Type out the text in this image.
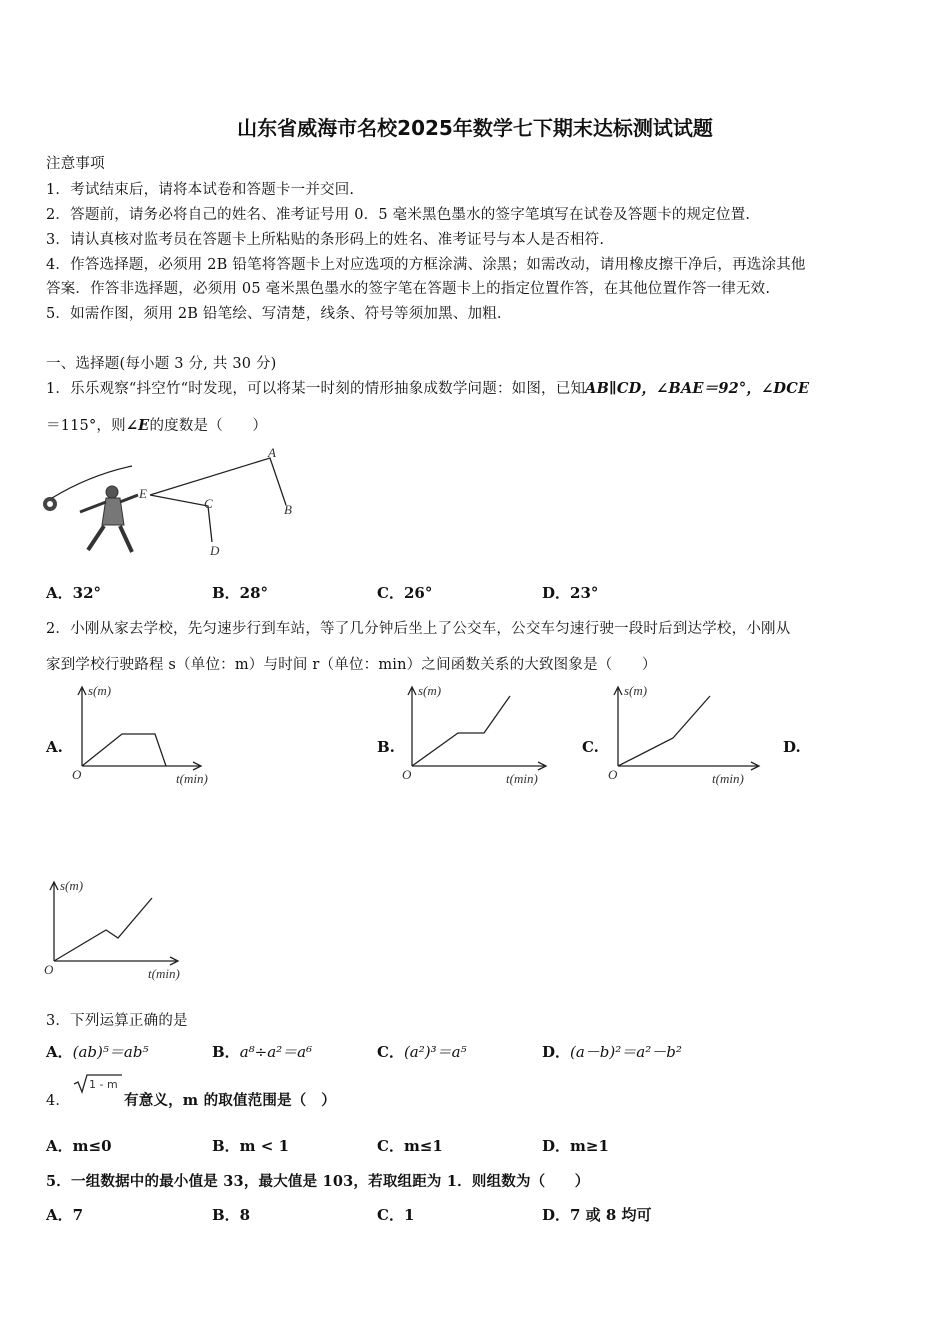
山东省威海市名校2025年数学七下期末达标测试试题
注意事项
1．考试结束后，请将本试卷和答题卡一并交回.
2．答题前，请务必将自己的姓名、准考证号用 0．5 毫米黑色墨水的签字笔填写在试卷及答题卡的规定位置.
3．请认真核对监考员在答题卡上所粘贴的条形码上的姓名、准考证号与本人是否相符.
4．作答选择题，必须用 2B 铅笔将答题卡上对应选项的方框涂满、涂黑；如需改动，请用橡皮擦干净后，再选涂其他
答案．作答非选择题，必须用 05 毫米黑色墨水的签字笔在答题卡上的指定位置作答，在其他位置作答一律无效.
5．如需作图，须用 2B 铅笔绘、写清楚，线条、符号等须加黑、加粗.
一、选择题(每小题 3 分, 共 30 分)
1．乐乐观察“抖空竹“时发现，可以将某一时刻的情形抽象成数学问题：如图，已知AB∥CD，∠BAE＝92°，∠DCE
＝115°，则∠E的度数是（　　）
A
B
E
C
D
A．32°	B．28°	C．26°	D．23°
2．小刚从家去学校，先匀速步行到车站，等了几分钟后坐上了公交车，公交车匀速行驶一段时后到达学校，小刚从
家到学校行驶路程 s（单位：m）与时间 r（单位：min）之间函数关系的大致图象是（　　）
A.	B.	C.	D.
s(m)
t(min)
O
s(m)
t(min)
O
s(m)
t(min)
O
s(m)
t(min)
O
3．下列运算正确的是
A．(ab)⁵＝ab⁵	B．a⁸÷a²＝a⁶	C．(a²)³＝a⁵	D．(a－b)²＝a²－b²
4．
1 - m
有意义，m 的取值范围是（　）
A．m≤0	B．m < 1	C．m≤1	D．m≥1
5．一组数据中的最小值是 33，最大值是 103，若取组距为 1．则组数为（　　）
A．7	B．8	C．1	D．7 或 8 均可
